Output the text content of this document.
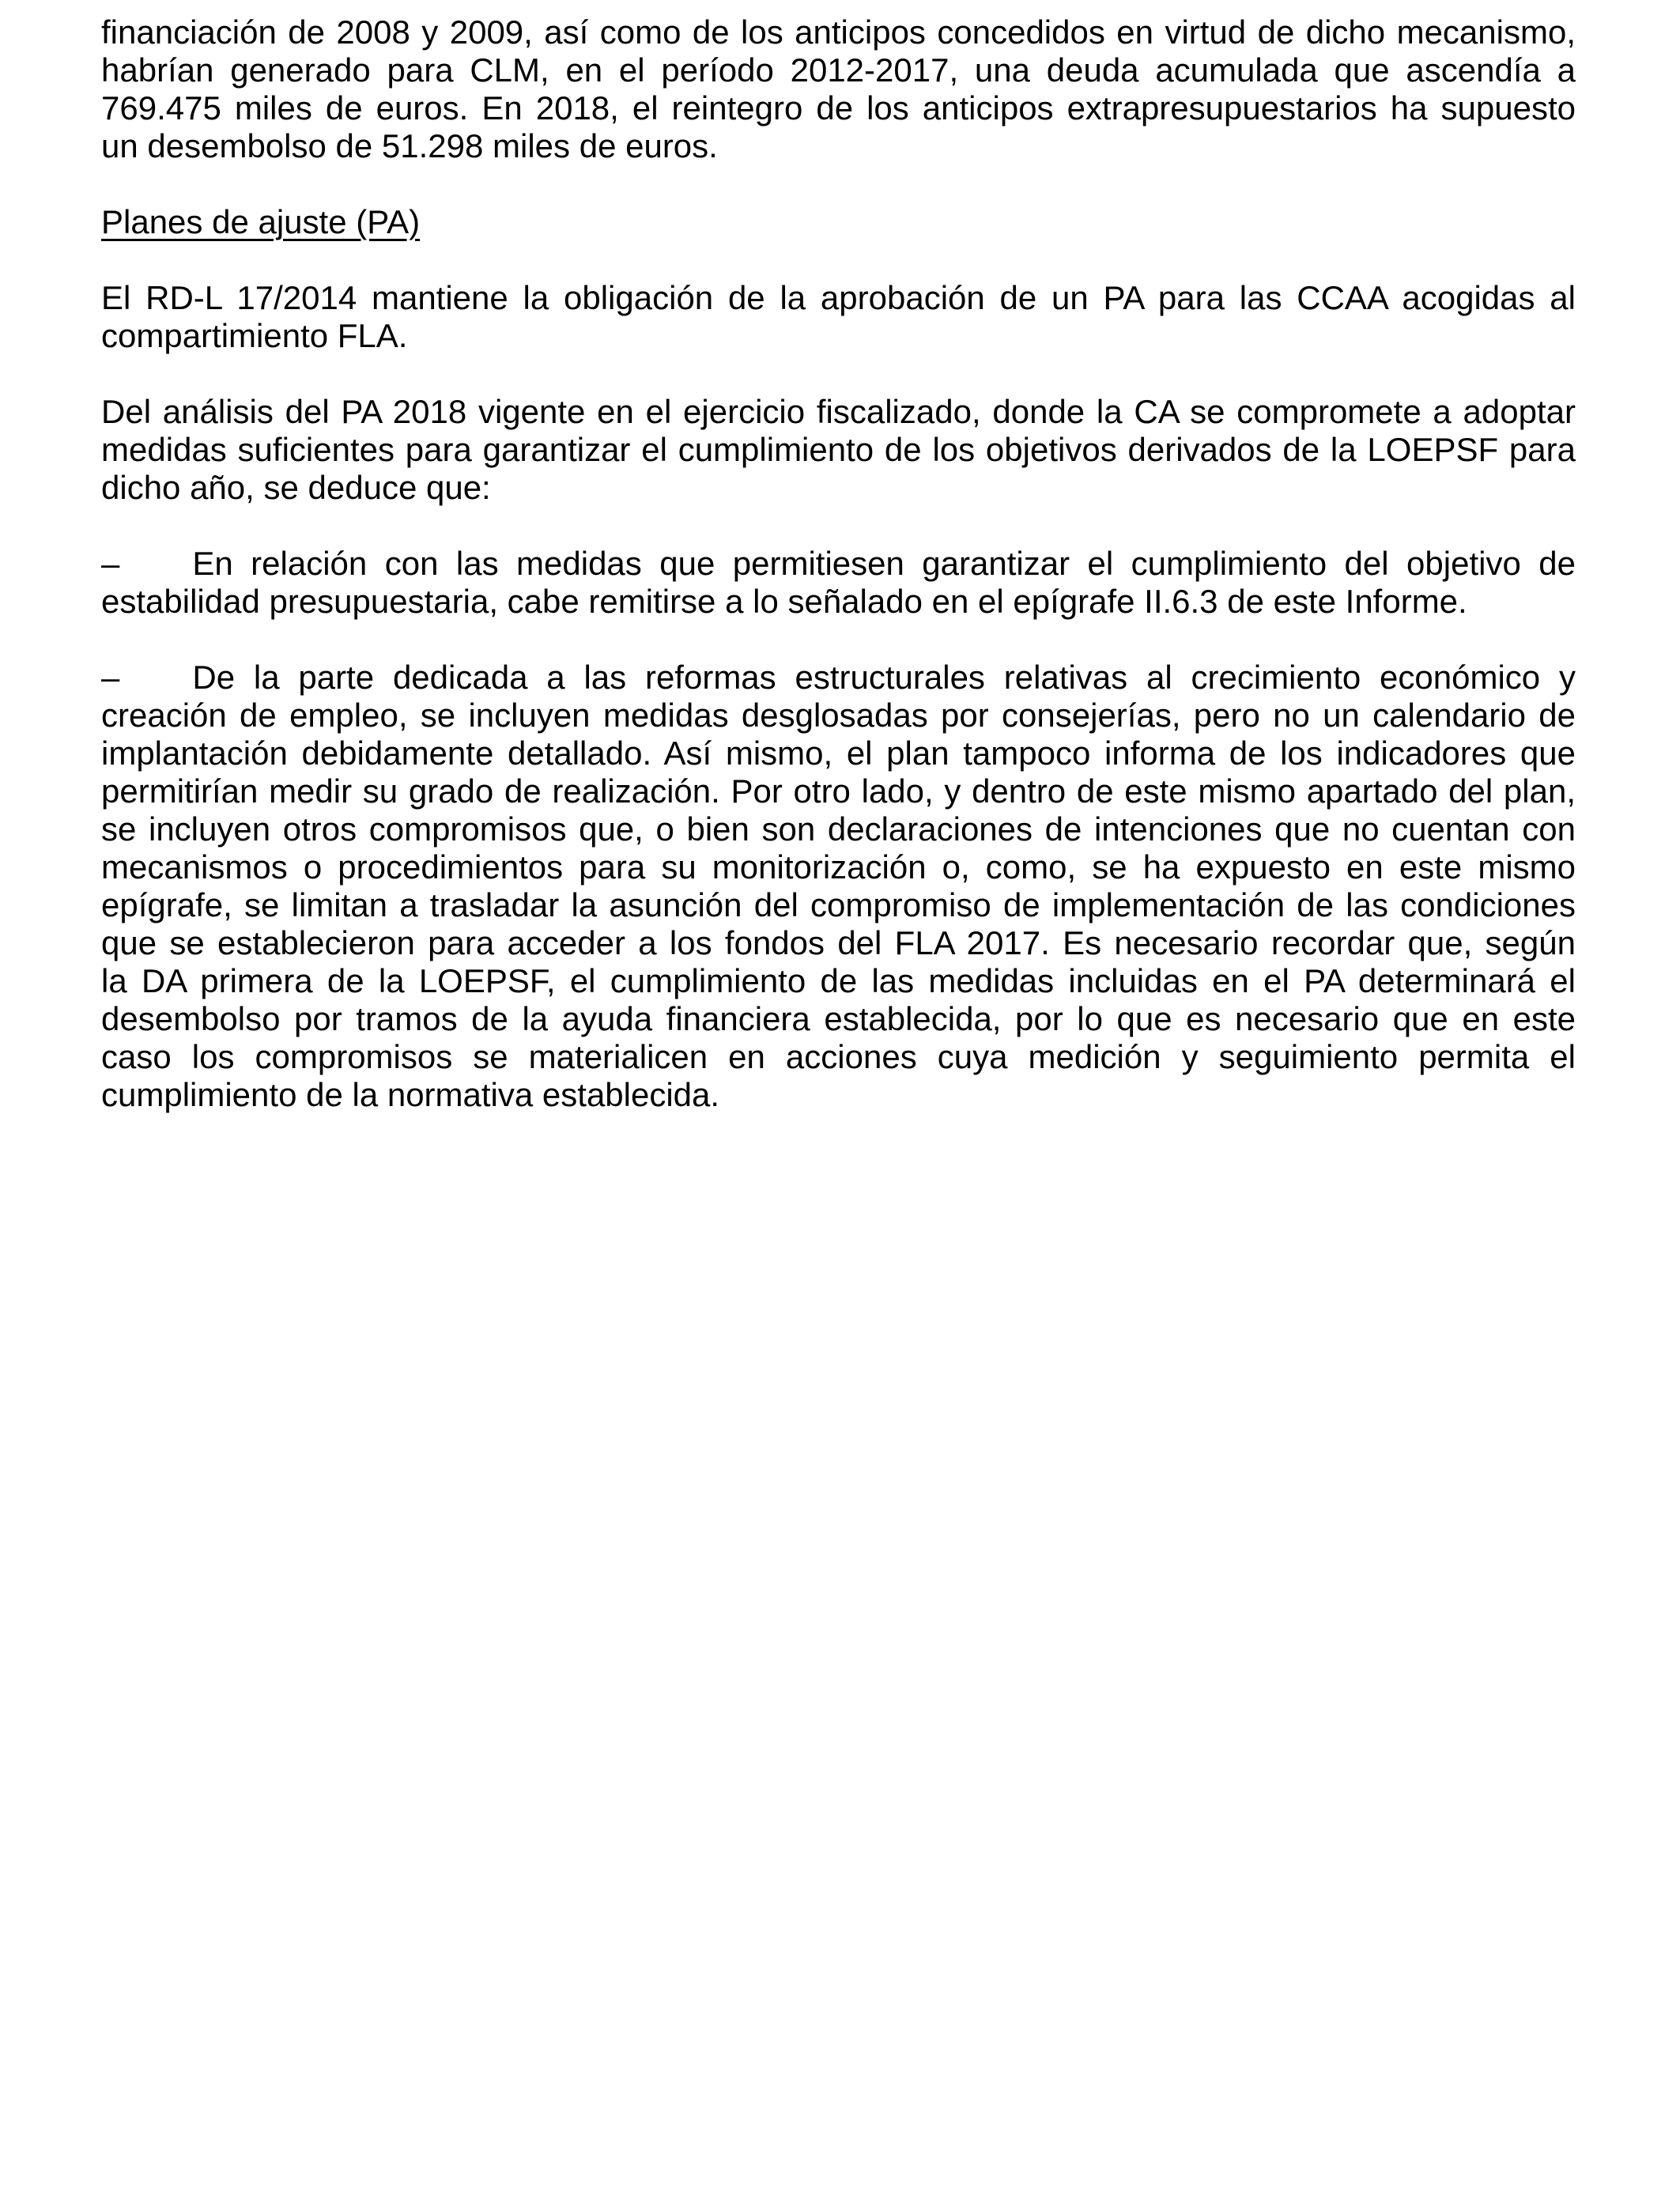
financiación de 2008 y 2009, así como de los anticipos concedidos en virtud de dicho mecanismo,
habrían generado para CLM, en el período 2012-2017, una deuda acumulada que ascendía a
769.475 miles de euros. En 2018, el reintegro de los anticipos extrapresupuestarios ha supuesto
un desembolso de 51.298 miles de euros.
Planes de ajuste (PA)
El RD-L 17/2014 mantiene la obligación de la aprobación de un PA para las CCAA acogidas al
compartimiento FLA.
Del análisis del PA 2018 vigente en el ejercicio fiscalizado, donde la CA se compromete a adoptar
medidas suficientes para garantizar el cumplimiento de los objetivos derivados de la LOEPSF para
dicho año, se deduce que:
– En relación con las medidas que permitiesen garantizar el cumplimiento del objetivo de
estabilidad presupuestaria, cabe remitirse a lo señalado en el epígrafe II.6.3 de este Informe.
– De la parte dedicada a las reformas estructurales relativas al crecimiento económico y
creación de empleo, se incluyen medidas desglosadas por consejerías, pero no un calendario de
implantación debidamente detallado. Así mismo, el plan tampoco informa de los indicadores que
permitirían medir su grado de realización. Por otro lado, y dentro de este mismo apartado del plan,
se incluyen otros compromisos que, o bien son declaraciones de intenciones que no cuentan con
mecanismos o procedimientos para su monitorización o, como, se ha expuesto en este mismo
epígrafe, se limitan a trasladar la asunción del compromiso de implementación de las condiciones
que se establecieron para acceder a los fondos del FLA 2017. Es necesario recordar que, según
la DA primera de la LOEPSF, el cumplimiento de las medidas incluidas en el PA determinará el
desembolso por tramos de la ayuda financiera establecida, por lo que es necesario que en este
caso los compromisos se materialicen en acciones cuya medición y seguimiento permita el
cumplimiento de la normativa establecida.
